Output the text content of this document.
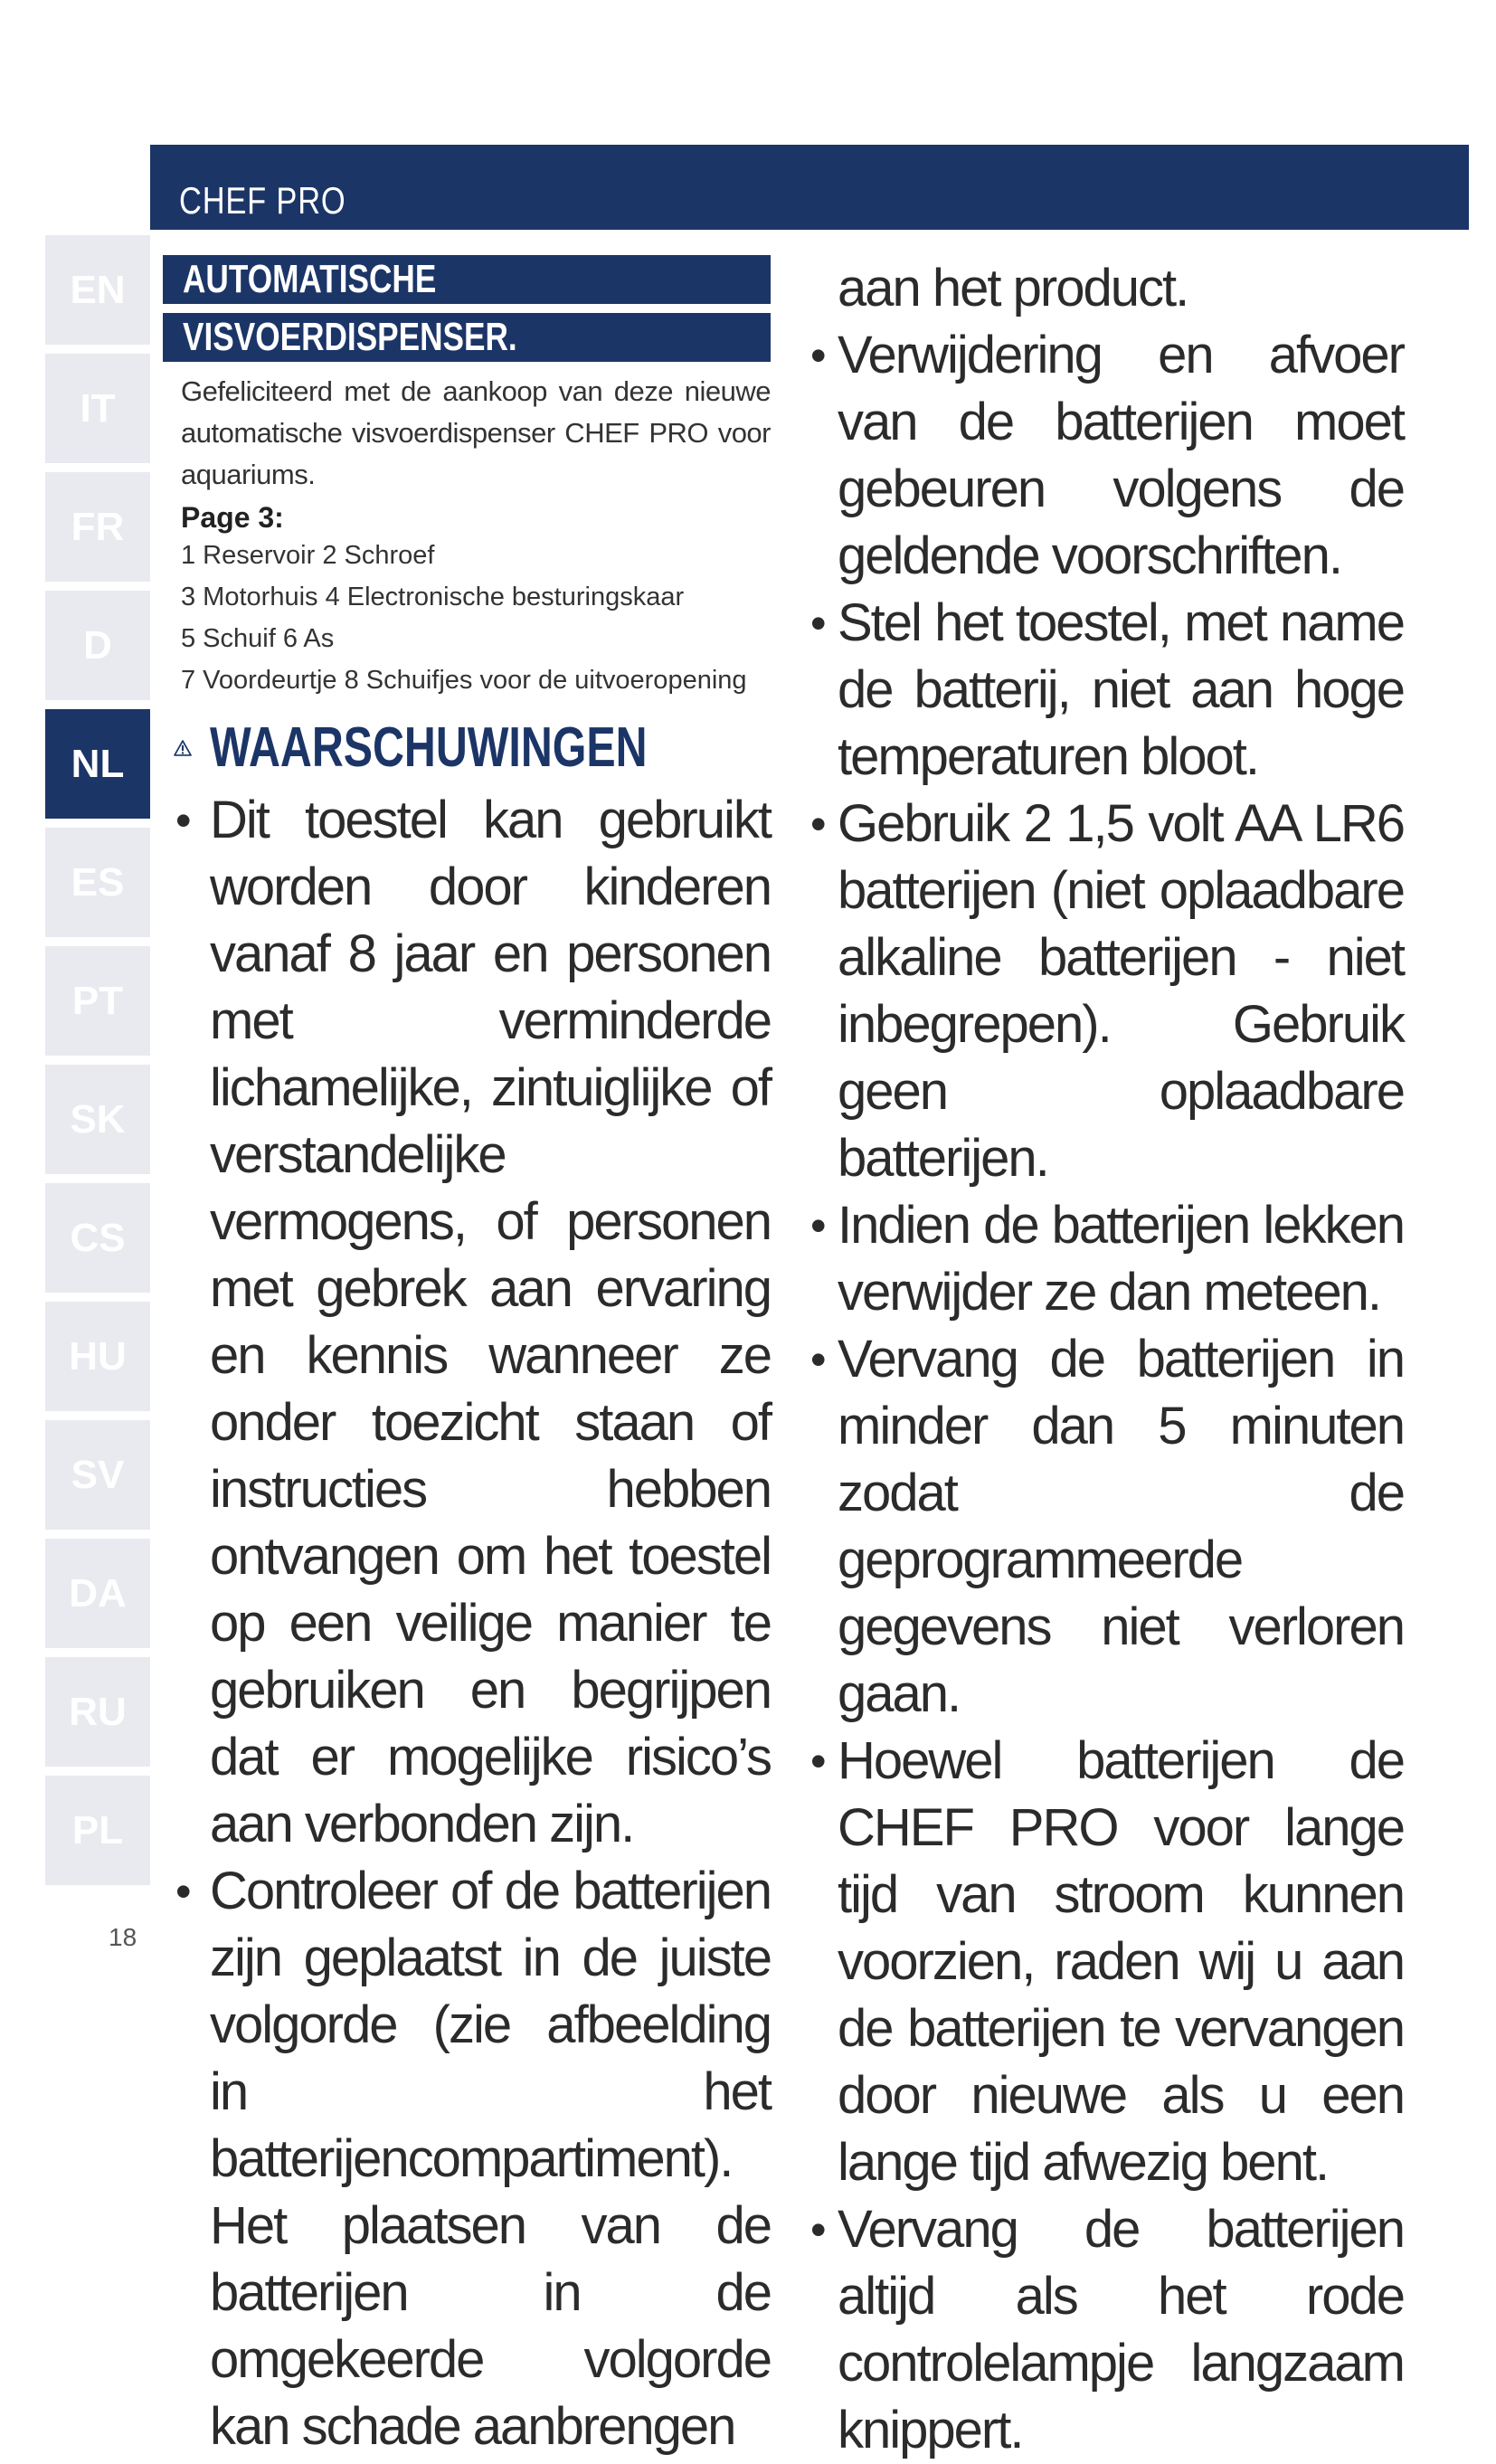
CHEF PRO
EN
IT
FR
D
NL
ES
PT
SK
CS
HU
SV
DA
RU
PL
18
AUTOMATISCHE
VISVOERDISPENSER.
Gefeliciteerd met de aankoop van deze nieuwe automatische visvoerdispenser CHEF PRO voor aquariums.
Page 3:
1 Reservoir 2 Schroef
3 Motorhuis 4 Electronische besturingskaar
5 Schuif 6 As
7 Voordeurtje 8 Schuifjes voor de uitvoeropening
WAARSCHUWINGEN
• Dit toestel kan gebruikt worden door kinderen vanaf 8 jaar en personen met verminderde lichamelijke, zintuiglijke of verstandelijke vermogens, of personen met gebrek aan ervaring en kennis wanneer ze onder toezicht staan of instructies hebben ontvangen om het toestel op een veilige manier te gebruiken en begrijpen dat er mogelijke risico’s aan verbonden zijn.
• Controleer of de batterijen zijn geplaatst in de juiste volgorde (zie afbeelding in het batterijencompartiment). Het plaatsen van de batterijen in de omgekeerde volgorde kan schade aanbrengen
aan het product.
• Verwijdering en afvoer van de batterijen moet gebeuren volgens de geldende voorschriften.
• Stel het toestel, met name de batterij, niet aan hoge temperaturen bloot.
• Gebruik 2 1,5 volt AA LR6 batterijen (niet oplaadbare alkaline batterijen - niet inbegrepen). Gebruik geen oplaadbare batterijen.
• Indien de batterijen lekken verwijder ze dan meteen.
• Vervang de batterijen in minder dan 5 minuten zodat de geprogrammeerde gegevens niet verloren gaan.
• Hoewel batterijen de CHEF PRO voor lange tijd van stroom kunnen voorzien, raden wij u aan de batterijen te vervangen door nieuwe als u een lange tijd afwezig bent.
• Vervang de batterijen altijd als het rode controlelampje langzaam knippert.
